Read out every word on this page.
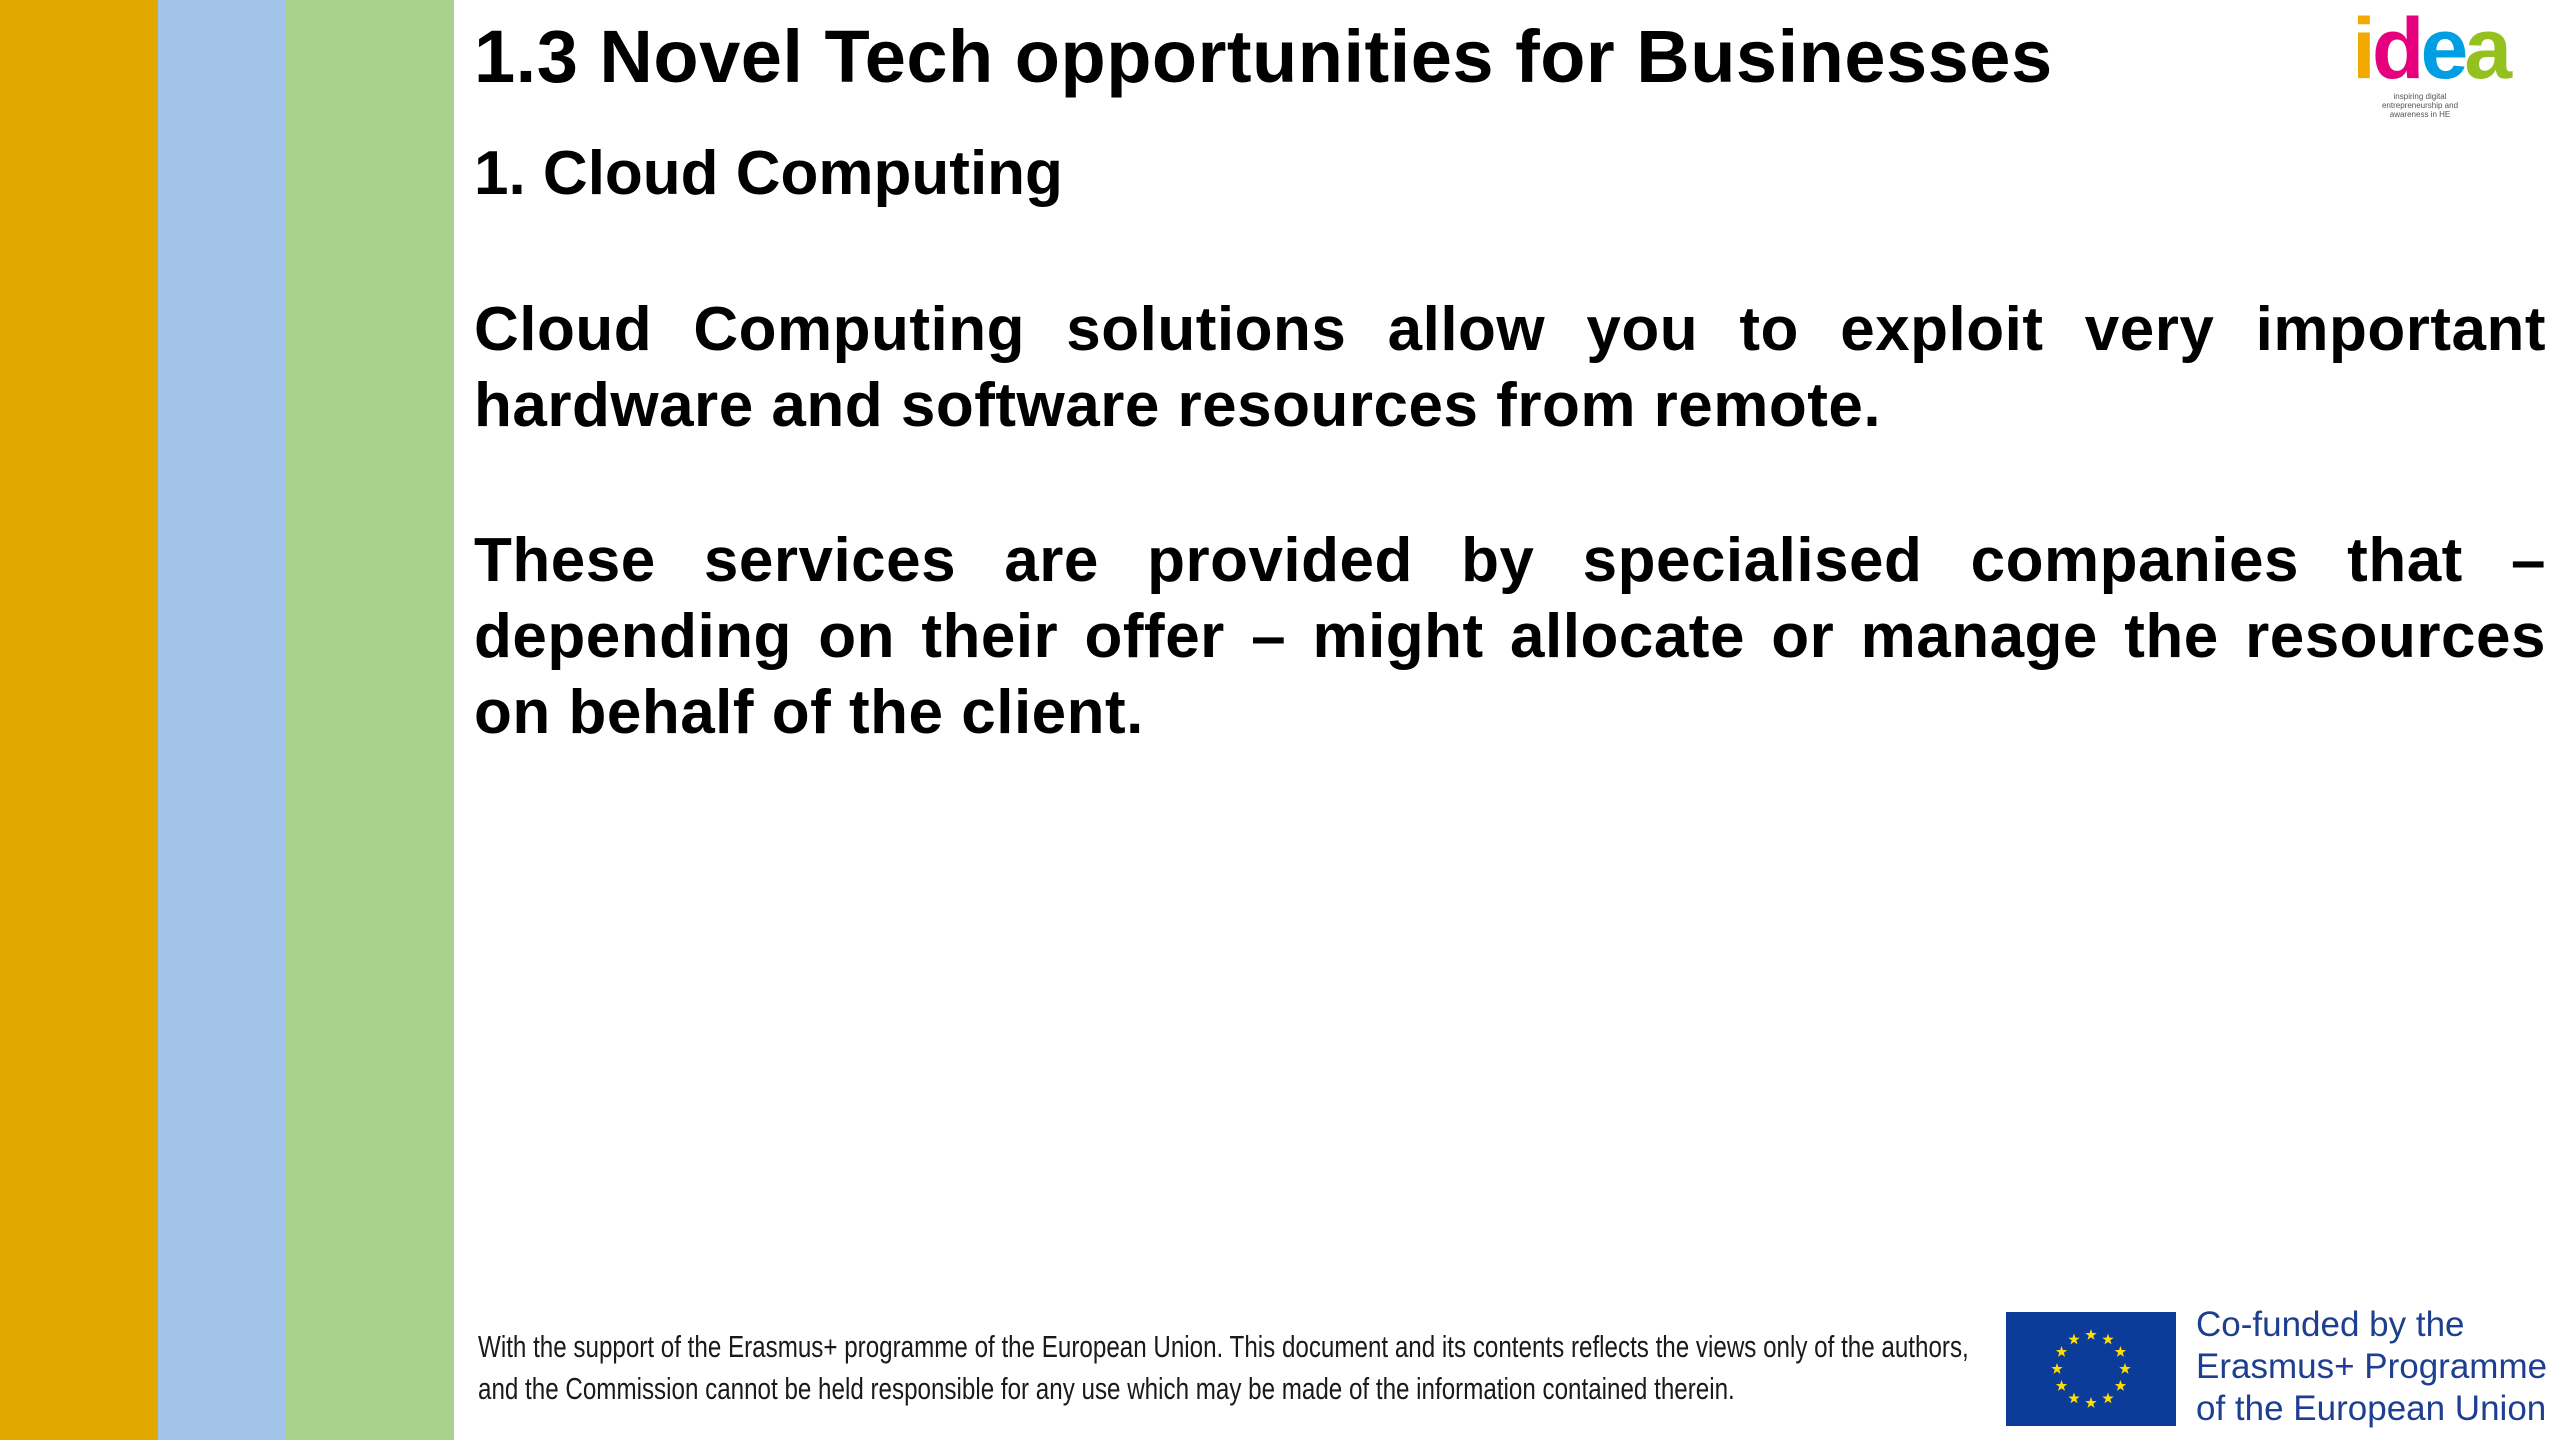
1.3 Novel Tech opportunities for Businesses
1. Cloud Computing

Cloud Computing solutions allow you to exploit very important hardware and software resources from remote.

These services are provided by specialised companies that – depending on their offer – might allocate or manage the resources on behalf of the client.

idea
inspiring digital entrepreneurship and awareness in HE

With the support of the Erasmus+ programme of the European Union. This document and its contents reflects the views only of the authors, and the Commission cannot be held responsible for any use which may be made of the information contained therein.

Co-funded by the
Erasmus+ Programme
of the European Union
